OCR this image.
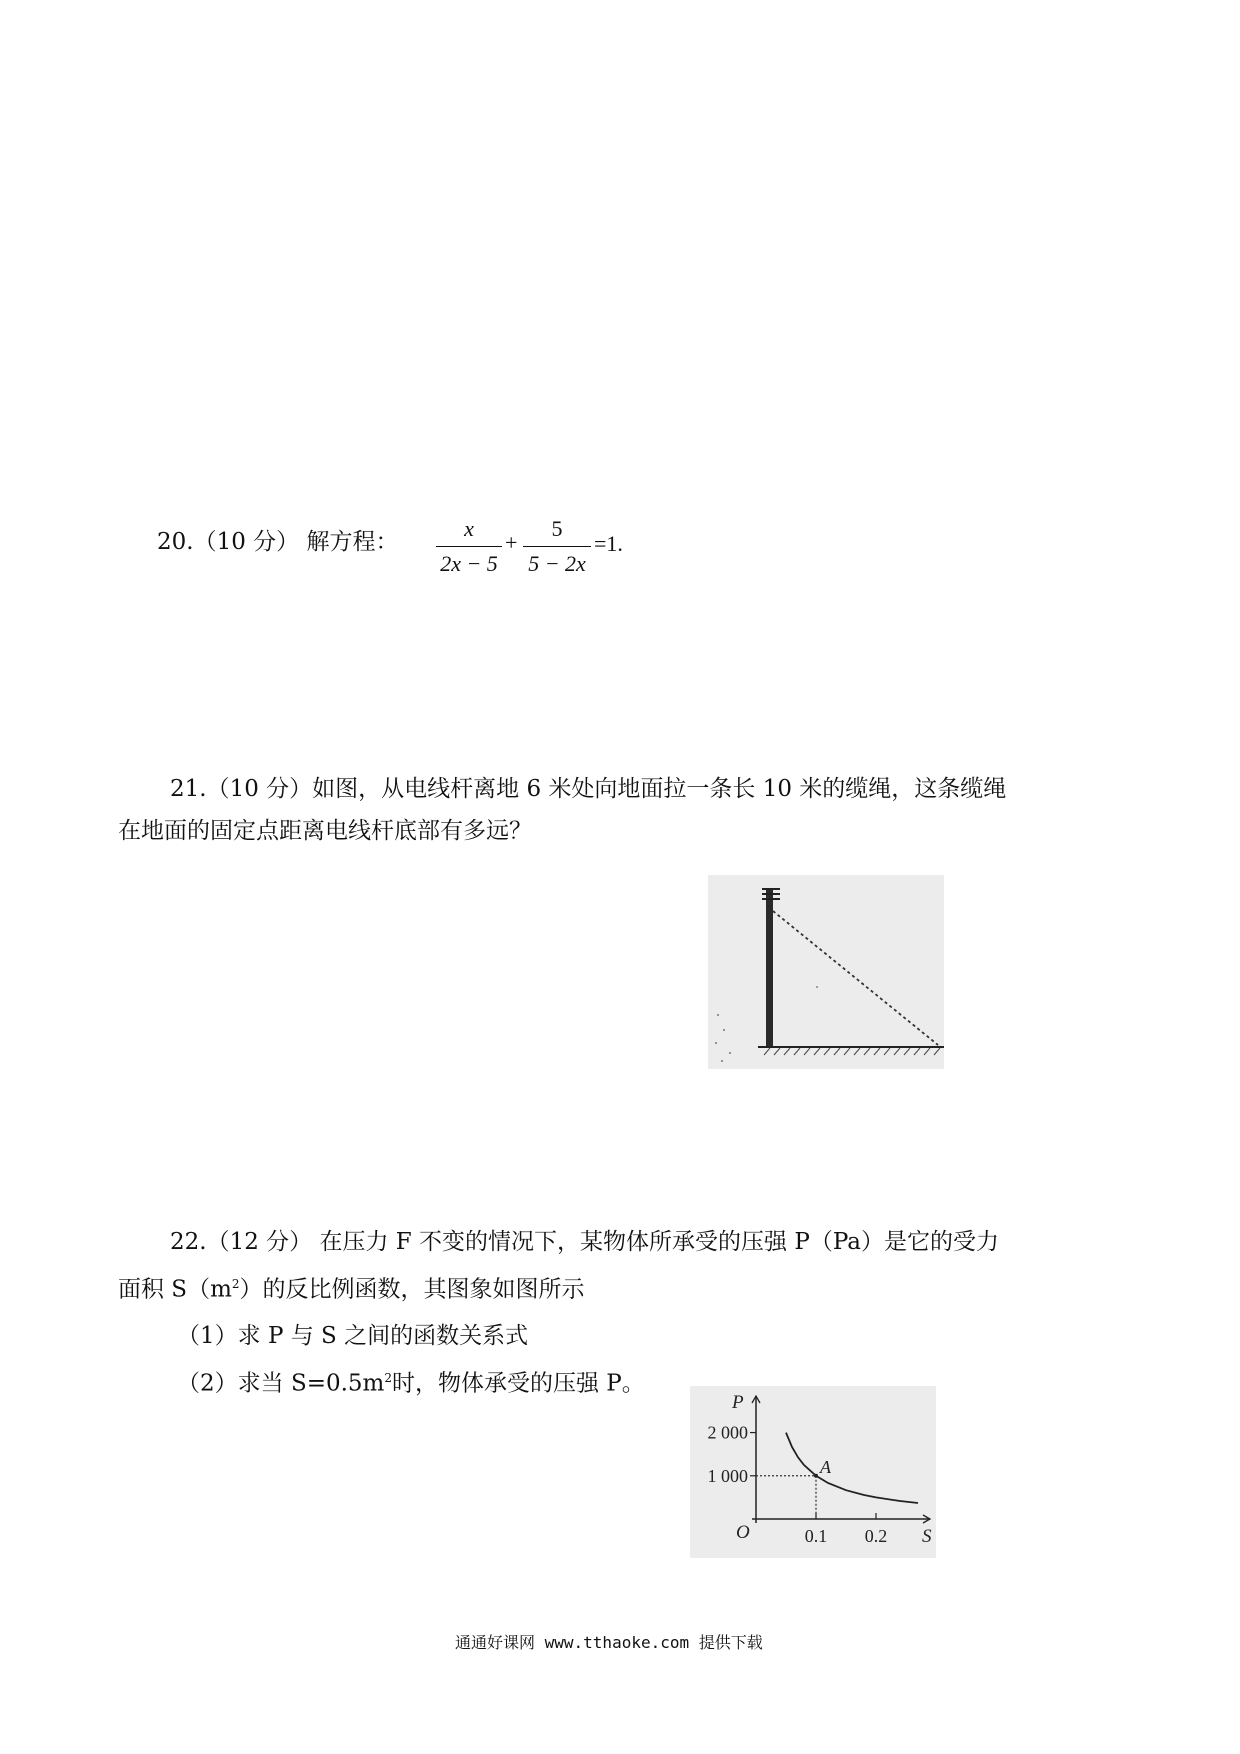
20.（10 分） 解方程：
x
2x − 5
+
5
5 − 2x
=1.
21.（10 分）如图，从电线杆离地 6 米处向地面拉一条长 10 米的缆绳，这条缆绳
在地面的固定点距离电线杆底部有多远？
22.（12 分） 在压力 F 不变的情况下，某物体所承受的压强 P（Pa）是它的受力
面积 $S(m^2)$的反比例函数，其图象如图所示
（1）求 P 与 S 之间的函数关系式
（2）求当 $S=0.5m^2$时，物体承受的压强 P。
S
P
O	0.1 0.2
2 000
1 000	A
通通好课网 www.tthaoke.com 提供下载
